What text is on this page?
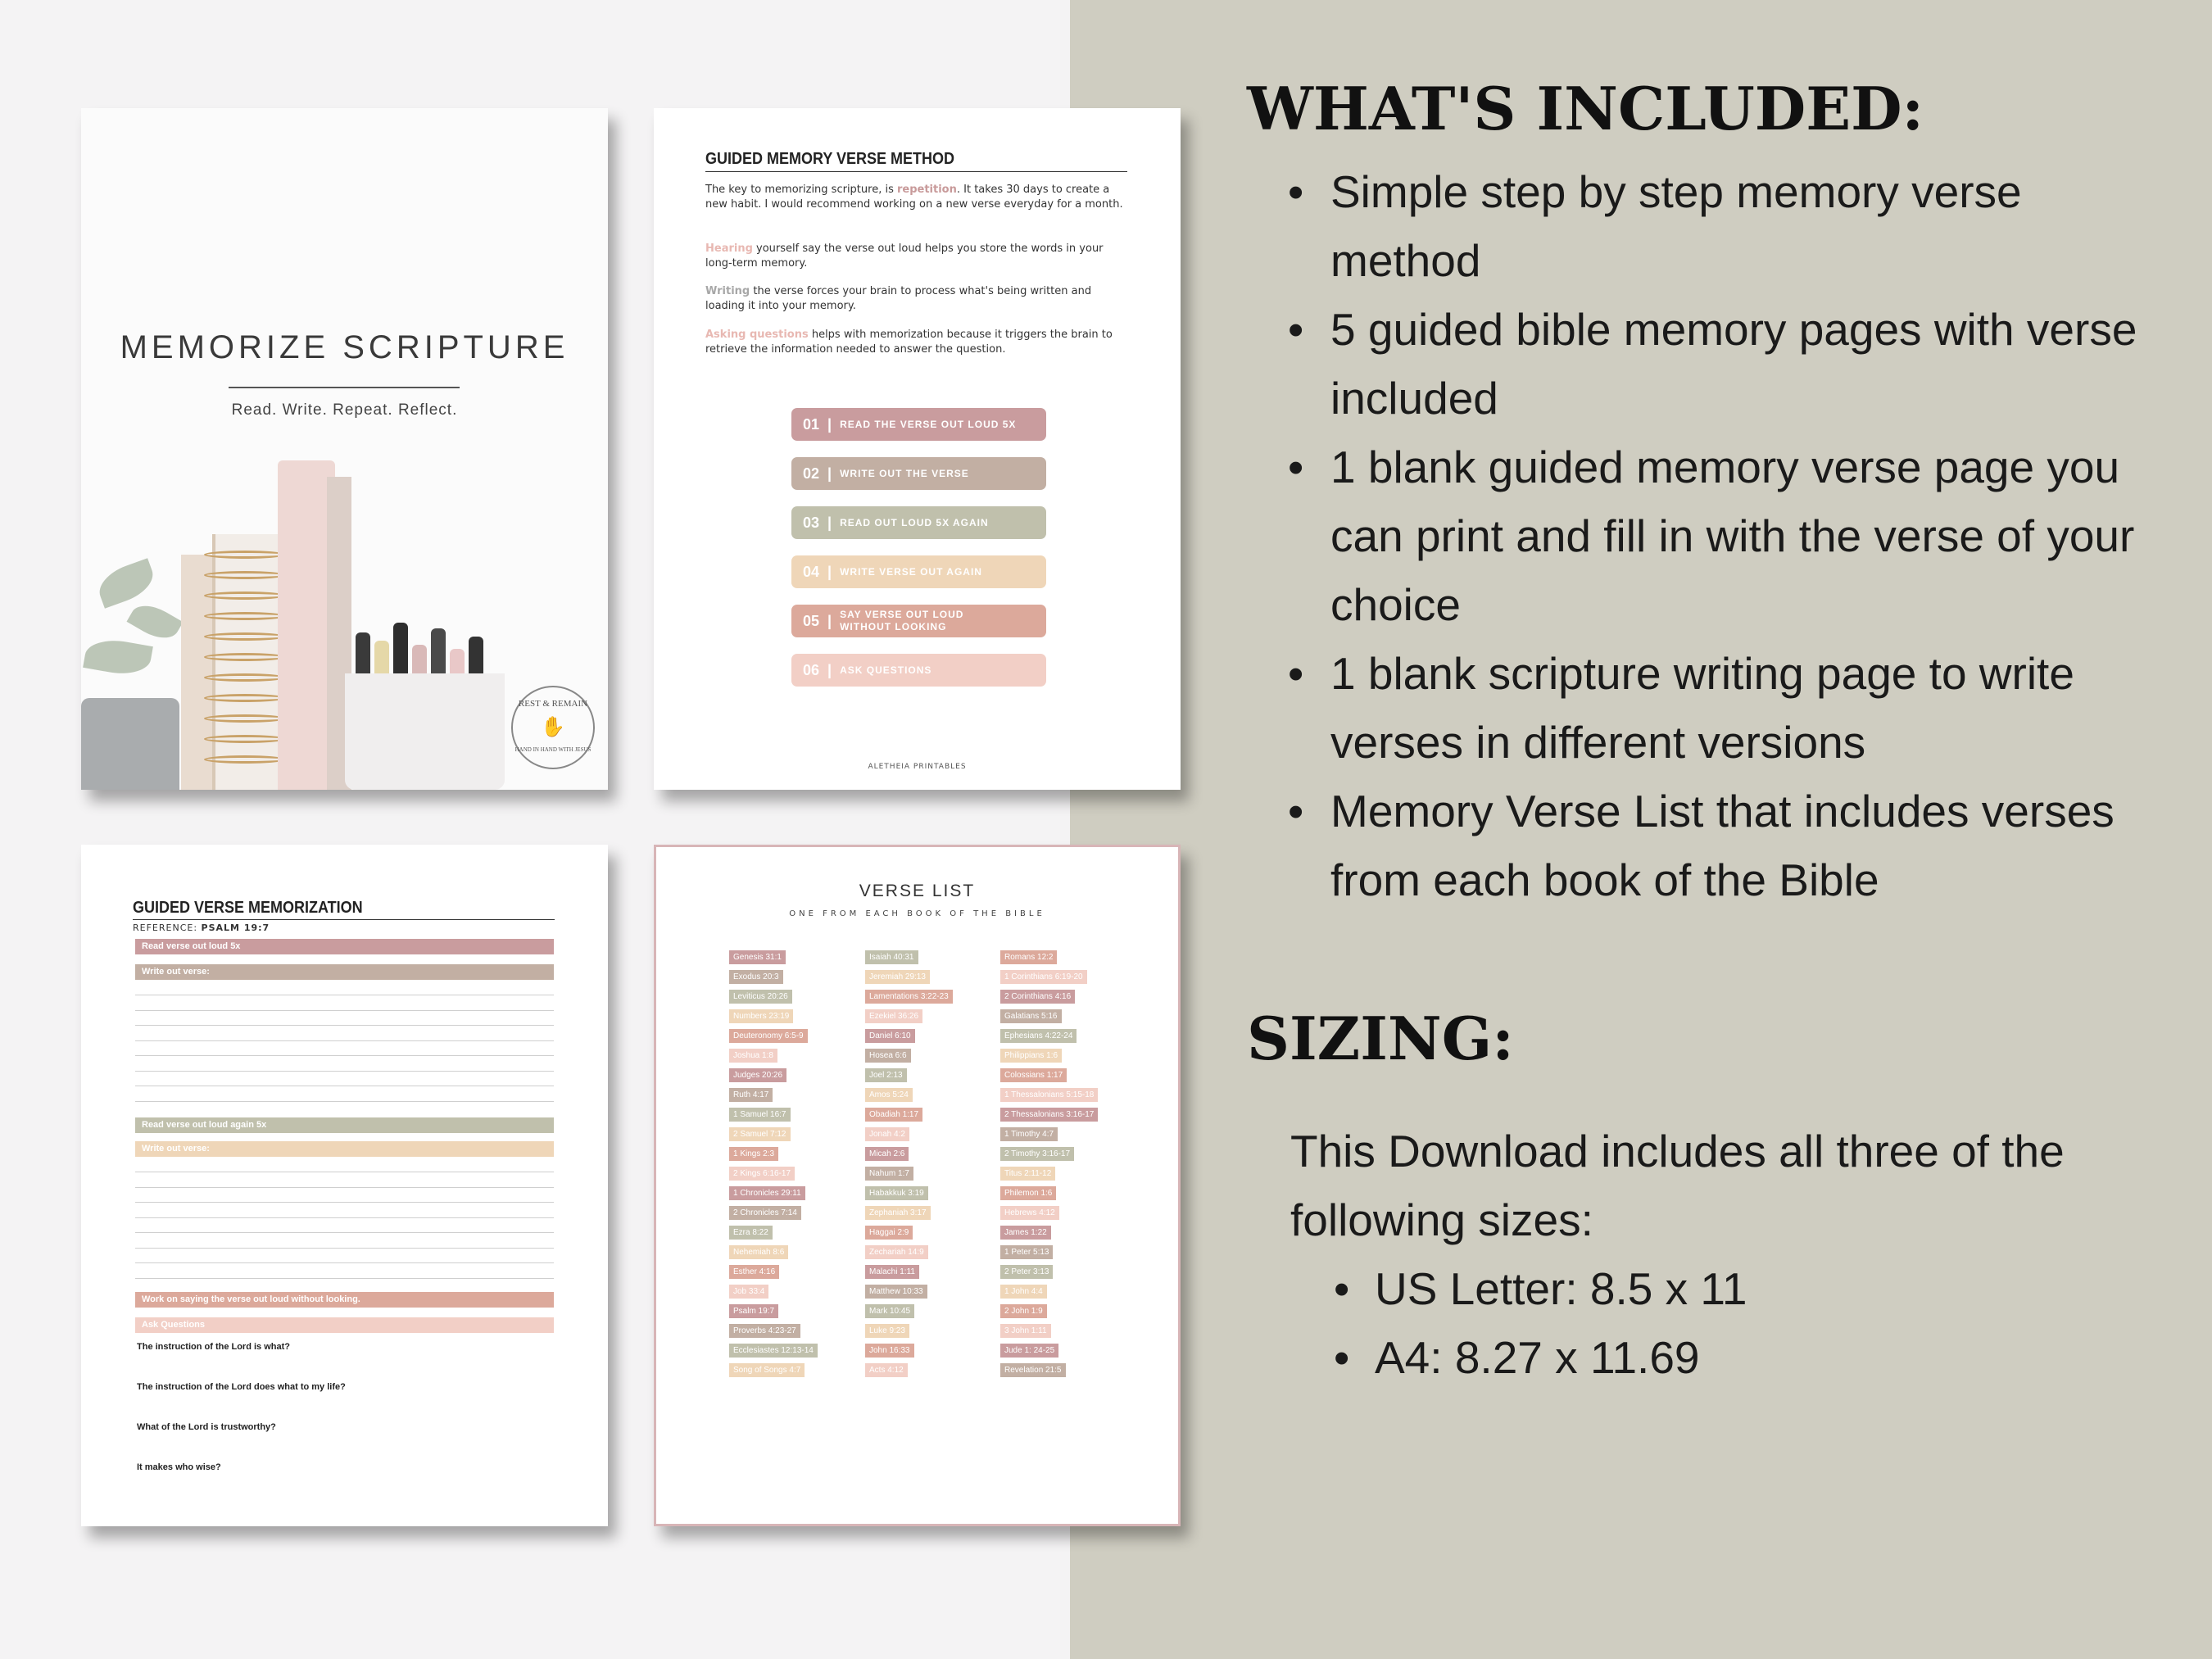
MEMORIZE SCRIPTURE
Read. Write. Repeat. Reflect.
REST & REMAIN
✋
HAND IN HAND WITH JESUS
GUIDED MEMORY VERSE METHOD

The key to memorizing scripture, is repetition. It takes 30 days to create a new habit. I would recommend working on a new verse everyday for a month.

Hearing yourself say the verse out loud helps you store the words in your long-term memory.

Writing the verse forces your brain to process what's being written and loading it into your memory.

Asking questions helps with memorization because it triggers the brain to retrieve the information needed to answer the question.

01 | READ THE VERSE OUT LOUD 5X
02 | WRITE OUT THE VERSE
03 | READ OUT LOUD 5X AGAIN
04 | WRITE VERSE OUT AGAIN
05 | SAY VERSE OUT LOUD WITHOUT LOOKING
06 | ASK QUESTIONS
ALETHEIA PRINTABLES
GUIDED VERSE MEMORIZATION
REFERENCE: PSALM 19:7
Read verse out loud 5x
Write out verse:
Read verse out loud again 5x
Write out verse:
Work on saying the verse out loud without looking.
Ask Questions
The instruction of the Lord is what?
The instruction of the Lord does what to my life?
What of the Lord is trustworthy?
It makes who wise?
VERSE LIST
ONE FROM EACH BOOK OF THE BIBLE
Genesis 31:1
Exodus 20:3
Leviticus 20:26
Numbers 23:19
Deuteronomy 6:5-9
Joshua 1:8
Judges 20:26
Ruth 4:17
1 Samuel 16:7
2 Samuel 7:12
1 Kings 2:3
2 Kings 6:16-17
1 Chronicles 29:11
2 Chronicles 7:14
Ezra 8:22
Nehemiah 8:6
Esther 4:16
Job 33:4
Psalm 19:7
Proverbs 4:23-27
Ecclesiastes 12:13-14
Song of Songs 4:7
Isaiah 40:31
Jeremiah 29:13
Lamentations 3:22-23
Ezekiel 36:26
Daniel 6:10
Hosea 6:6
Joel 2:13
Amos 5:24
Obadiah 1:17
Jonah 4:2
Micah 2:6
Nahum 1:7
Habakkuk 3:19
Zephaniah 3:17
Haggai 2:9
Zechariah 14:9
Malachi 1:11
Matthew 10:33
Mark 10:45
Luke 9:23
John 16:33
Acts 4:12
Romans 12:2
1 Corinthians 6:19-20
2 Corinthians 4:16
Galatians 5:16
Ephesians 4:22-24
Philippians 1:6
Colossians 1:17
1 Thessalonians 5:15-18
2 Thessalonians 3:16-17
1 Timothy 4:7
2 Timothy 3:16-17
Titus 2:11-12
Philemon 1:6
Hebrews 4:12
James 1:22
1 Peter 5:13
2 Peter 3:13
1 John 4:4
2 John 1:9
3 John 1:11
Jude 1: 24-25
Revelation 21:5
WHAT'S INCLUDED:
• Simple step by step memory verse method
• 5 guided bible memory pages with verse included
• 1 blank guided memory verse page you can print and fill in with the verse of your choice
• 1 blank scripture writing page to write verses in different versions
• Memory Verse List that includes verses from each book of the Bible
SIZING:

This Download includes all three of the following sizes:

• US Letter: 8.5 x 11
• A4: 8.27 x 11.69
